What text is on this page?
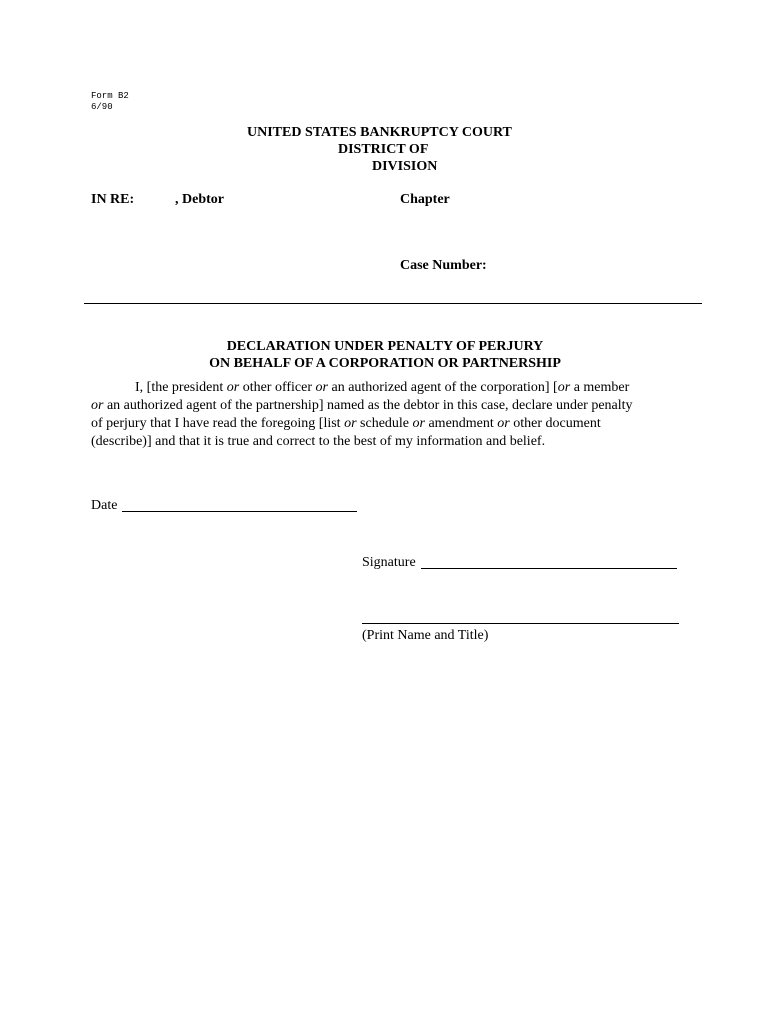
Form B2
6/90
UNITED STATES BANKRUPTCY COURT
DISTRICT OF
DIVISION
IN RE:	, Debtor	Chapter
Case Number:
DECLARATION UNDER PENALTY OF PERJURY
ON BEHALF OF A CORPORATION OR PARTNERSHIP
I, [the president or other officer or an authorized agent of the corporation] [or a member
or an authorized agent of the partnership] named as the debtor in this case, declare under penalty
of perjury that I have read the foregoing [list or schedule or amendment or other document
(describe)] and that it is true and correct to the best of my information and belief.
Date
Signature
(Print Name and Title)
